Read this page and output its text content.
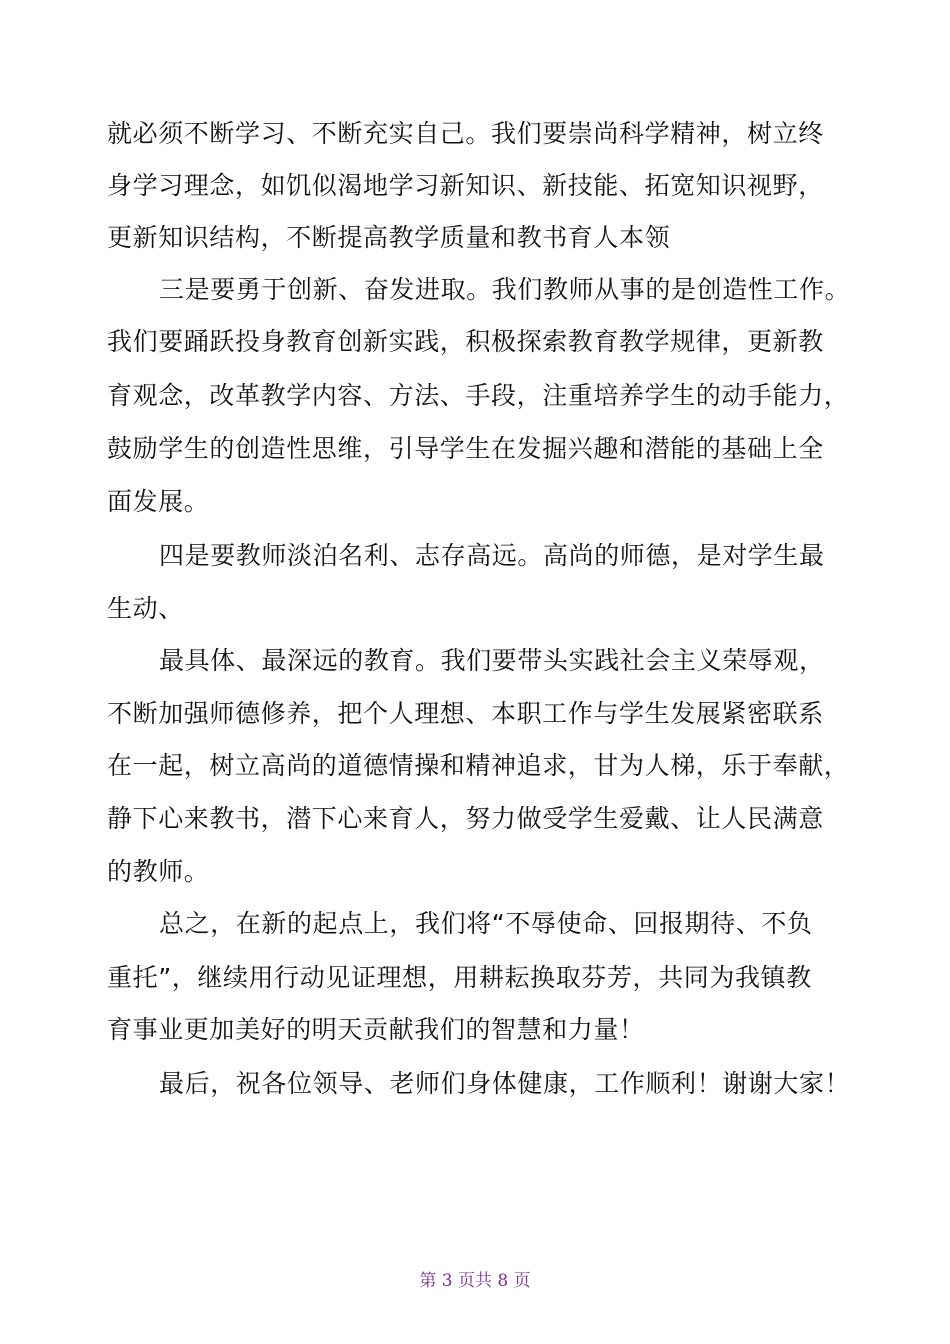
就必须不断学习、不断充实自己。我们要崇尚科学精神，树立终
身学习理念，如饥似渴地学习新知识、新技能、拓宽知识视野，
更新知识结构，不断提高教学质量和教书育人本领
三是要勇于创新、奋发进取。我们教师从事的是创造性工作。
我们要踊跃投身教育创新实践，积极探索教育教学规律，更新教
育观念，改革教学内容、方法、手段，注重培养学生的动手能力，
鼓励学生的创造性思维，引导学生在发掘兴趣和潜能的基础上全
面发展。
四是要教师淡泊名利、志存高远。高尚的师德，是对学生最
生动、
最具体、最深远的教育。我们要带头实践社会主义荣辱观，
不断加强师德修养，把个人理想、本职工作与学生发展紧密联系
在一起，树立高尚的道德情操和精神追求，甘为人梯，乐于奉献，
静下心来教书，潜下心来育人，努力做受学生爱戴、让人民满意
的教师。
总之，在新的起点上，我们将“不辱使命、回报期待、不负
重托”，继续用行动见证理想，用耕耘换取芬芳，共同为我镇教
育事业更加美好的明天贡献我们的智慧和力量！
最后，祝各位领导、老师们身体健康，工作顺利！谢谢大家！
第 3 页共 8 页
